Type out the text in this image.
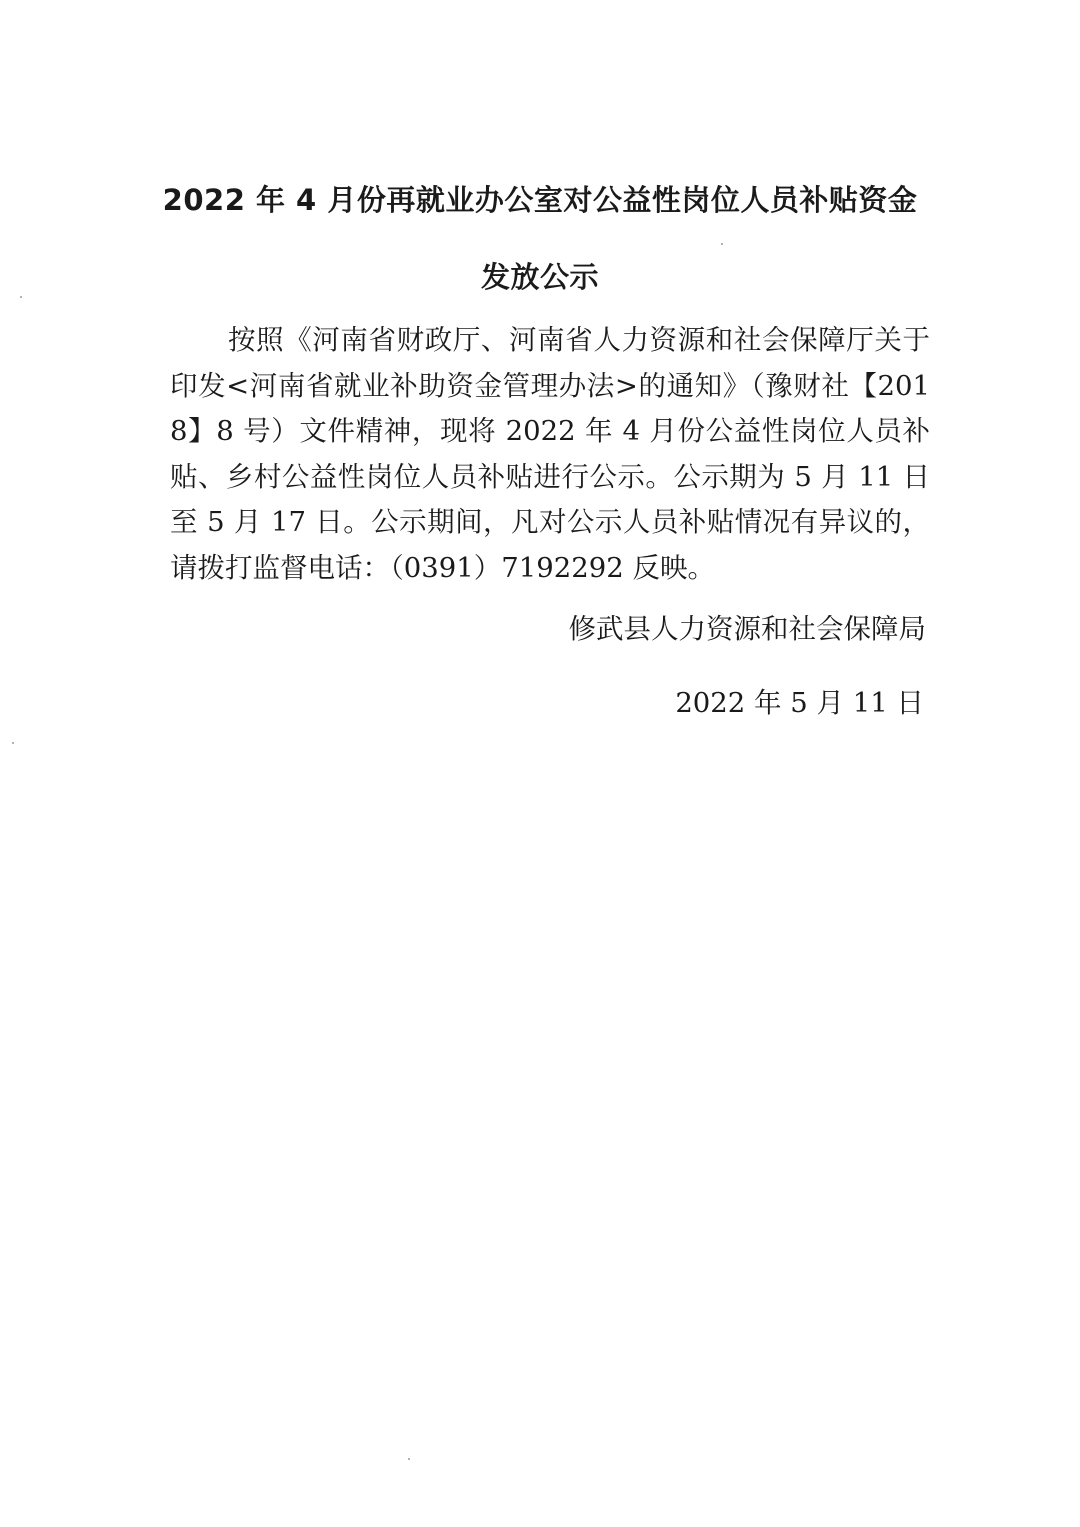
2022 年 4 月份再就业办公室对公益性岗位人员补贴资金
发放公示
按照《河南省财政厅、河南省人力资源和社会保障厅关于印发<河南省就业补助资金管理办法>的通知》（豫财社【2018】8 号）文件精神，现将 2022 年 4 月份公益性岗位人员补贴、乡村公益性岗位人员补贴进行公示。公示期为 5 月 11 日至 5 月 17 日。公示期间，凡对公示人员补贴情况有异议的，请拨打监督电话：（0391）7192292 反映。
修武县人力资源和社会保障局
2022 年 5 月 11 日
